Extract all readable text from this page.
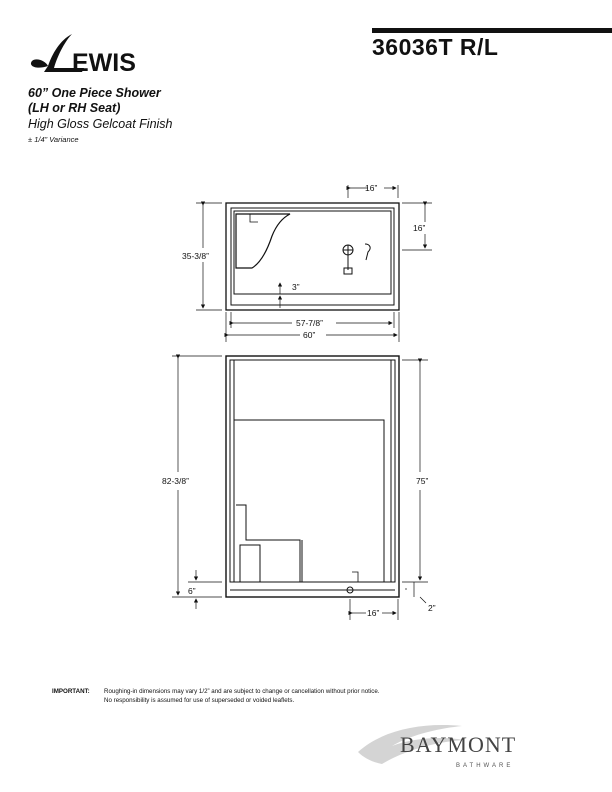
36036T R/L
EWIS
60” One Piece Shower
(LH or RH Seat)
High Gloss Gelcoat Finish
± 1/4” Variance
16”
16”
35-3/8”
3”
57-7/8”
60”
82-3/8”	75”
6”
16”	2”
IMPORTANT: Roughing-in dimensions may vary 1/2” and are subject to change or cancellation without prior notice.
No responsibility is assumed for use of superseded or voided leaflets.
BAYMONT
BATHWARE
